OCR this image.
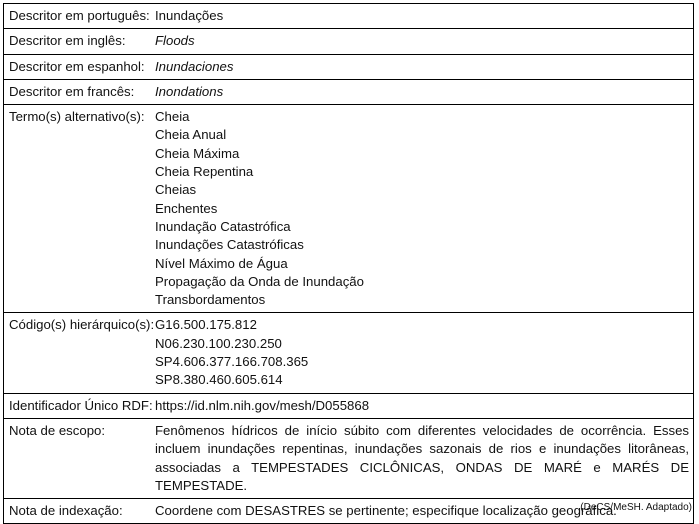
Descritor em português: Inundações
Descritor em inglês:	Floods
Descritor em espanhol: Inundaciones
Descritor em francês:	Inondations
Termo(s) alternativo(s): Cheia
Cheia Anual
Cheia Máxima
Cheia Repentina
Cheias
Enchentes
Inundação Catastrófica
Inundações Catastróficas
Nível Máximo de Água
Propagação da Onda de Inundação
Transbordamentos
Código(s) hierárquico(s): G16.500.175.812
N06.230.100.230.250
SP4.606.377.166.708.365
SP8.380.460.605.614
Identificador Único RDF: https://id.nlm.nih.gov/mesh/D055868
Nota de escopo:	Fenômenos hídricos de início súbito com diferentes velocidades de ocorrência. Esses incluem inundações repentinas, inundações sazonais de rios e inundações litorâneas, associadas a TEMPESTADES CICLÔNICAS, ONDAS DE MARÉ e MARÉS DE TEMPESTADE.
Nota de indexação:	Coordene com DESASTRES se pertinente; especifique localização geográfica.
(DeCS/MeSH. Adaptado)
